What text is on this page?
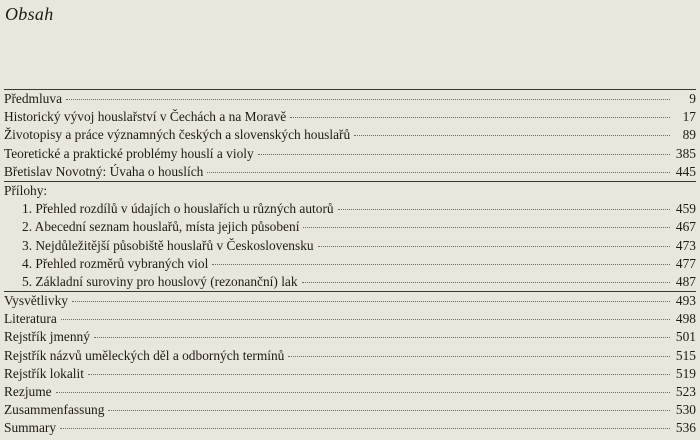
Obsah
Předmluva	9
Historický vývoj houslařství v Čechách a na Moravě	17
Životopisy a práce významných českých a slovenských houslařů	89
Teoretické a praktické problémy houslí a violy	385
Břetislav Novotný: Úvaha o houslích	445
Přílohy:
1. Přehled rozdílů v údajích o houslařích u různých autorů	459
2. Abecední seznam houslařů, místa jejich působení	467
3. Nejdůležitější působiště houslařů v Československu	473
4. Přehled rozměrů vybraných viol	477
5. Základní suroviny pro houslový (rezonanční) lak	487
Vysvětlivky	493
Literatura	498
Rejstřík jmenný	501
Rejstřík názvů uměleckých děl a odborných termínů	515
Rejstřík lokalit	519
Rezjume	523
Zusammenfassung	530
Summary	536
